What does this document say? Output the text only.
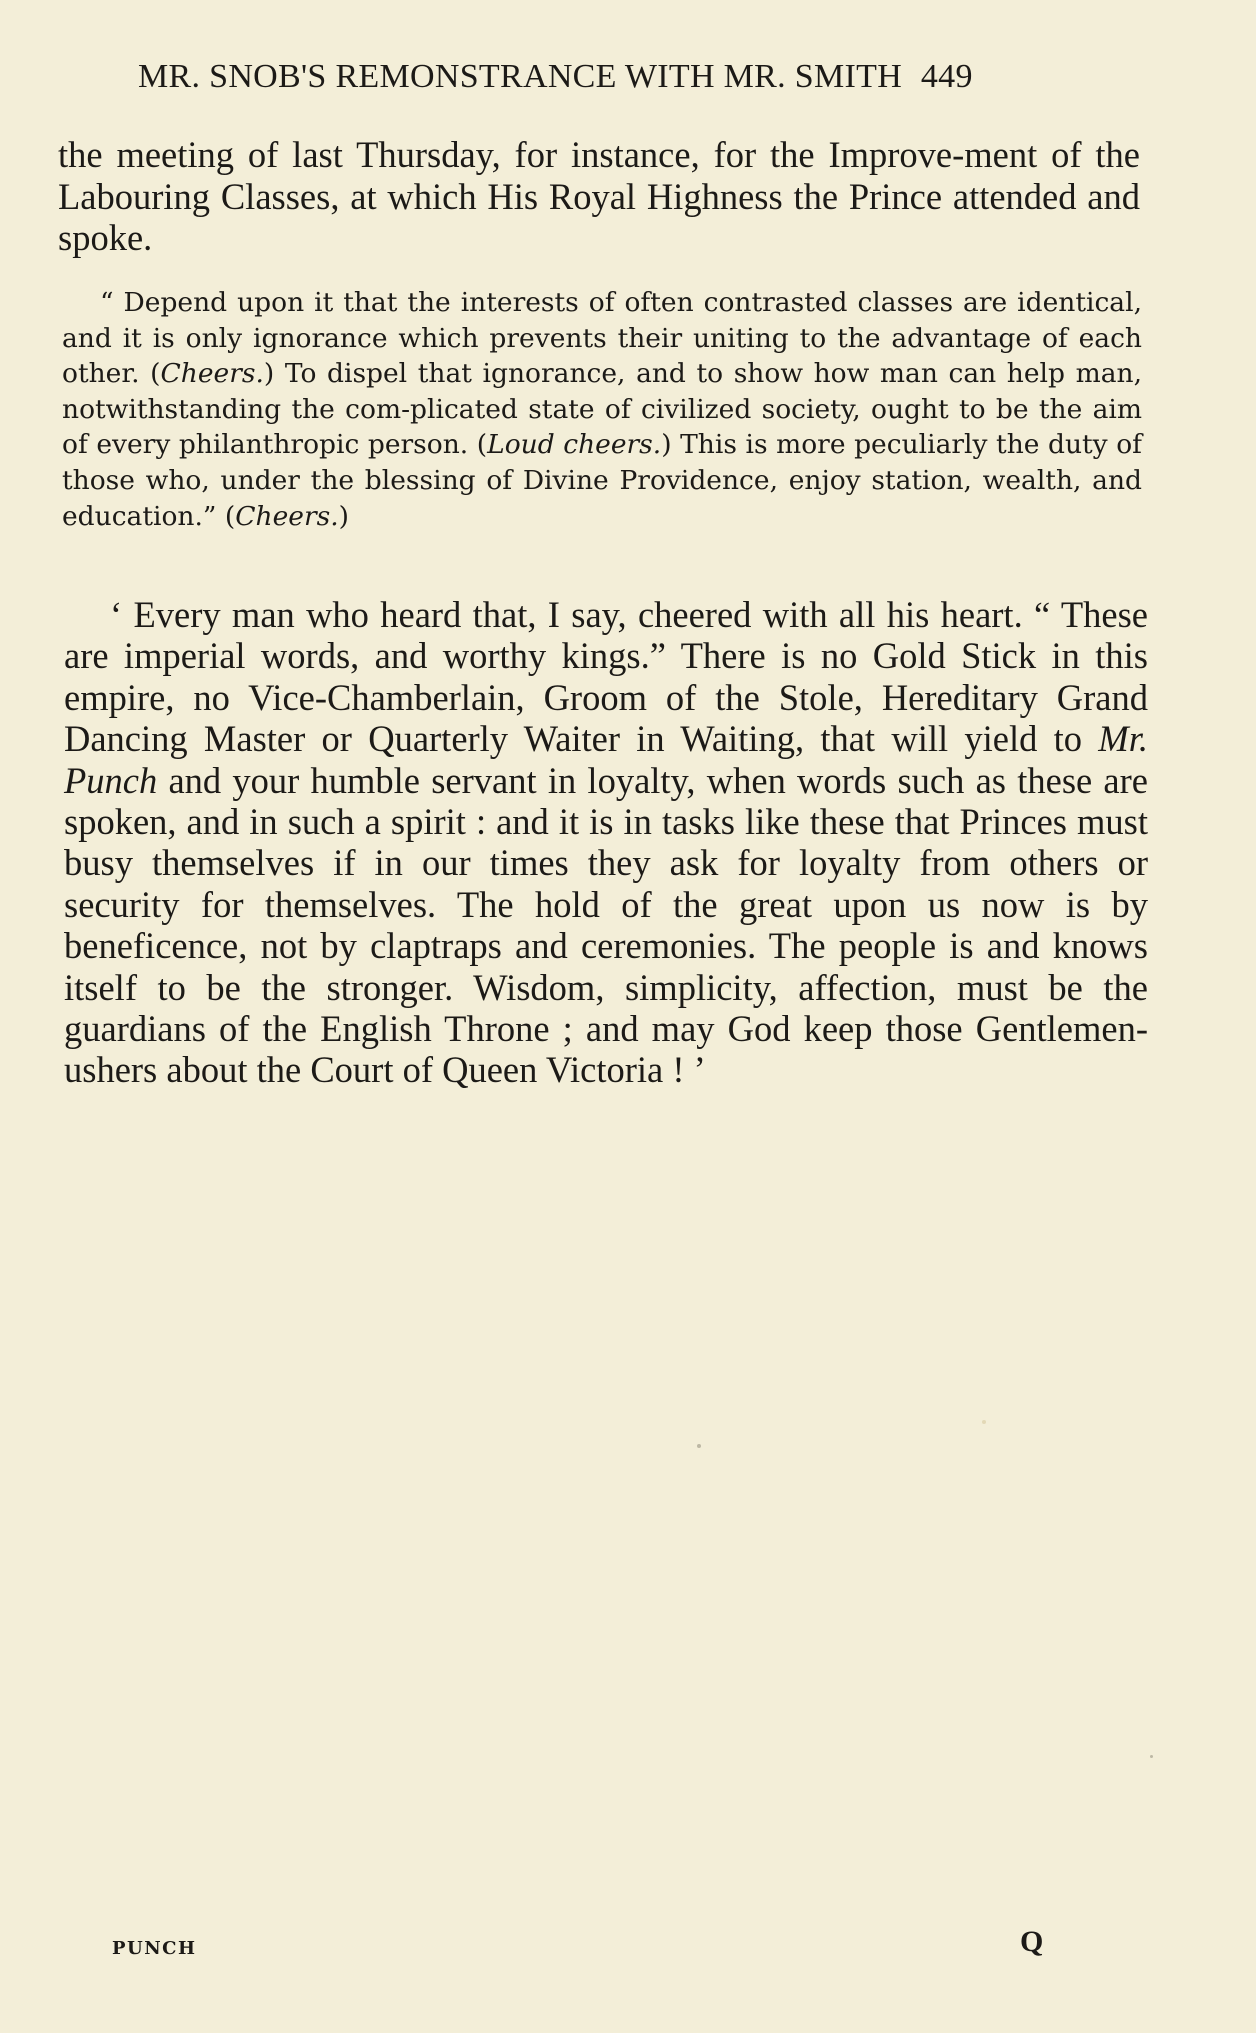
MR. SNOB'S REMONSTRANCE WITH MR. SMITH 449
the meeting of last Thursday, for instance, for the Improve-ment of the Labouring Classes, at which His Royal Highness the Prince attended and spoke.
“ Depend upon it that the interests of often contrasted classes are identical, and it is only ignorance which prevents their uniting to the advantage of each other. (Cheers.) To dispel that ignorance, and to show how man can help man, notwithstanding the com-plicated state of civilized society, ought to be the aim of every philanthropic person. (Loud cheers.) This is more peculiarly the duty of those who, under the blessing of Divine Providence, enjoy station, wealth, and education.” (Cheers.)
‘ Every man who heard that, I say, cheered with all his heart. “ These are imperial words, and worthy kings.” There is no Gold Stick in this empire, no Vice-Chamberlain, Groom of the Stole, Hereditary Grand Dancing Master or Quarterly Waiter in Waiting, that will yield to Mr. Punch and your humble servant in loyalty, when words such as these are spoken, and in such a spirit : and it is in tasks like these that Princes must busy themselves if in our times they ask for loyalty from others or security for themselves. The hold of the great upon us now is by beneficence, not by claptraps and ceremonies. The people is and knows itself to be the stronger. Wisdom, simplicity, affection, must be the guardians of the English Throne ; and may God keep those Gentlemen-ushers about the Court of Queen Victoria ! ’
PUNCH	Q
